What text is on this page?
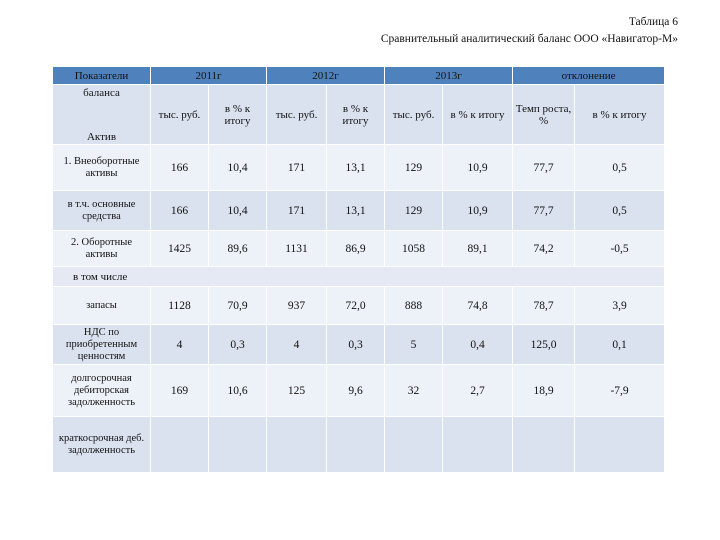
Таблица 6
Сравнительный аналитический баланс ООО «Навигатор-М»
Показатели	2011г		2012г		2013г		отклонение	

баланса
Актив	тыс. руб.	в % к итогу	тыс. руб.	в % к итогу	тыс. руб.	в % к итогу	Темп роста, %	в % к итогу
1. Внеоборотные активы	166	10,4	171	13,1	129	10,9	77,7	0,5
в т.ч. основные средства	166	10,4	171	13,1	129	10,9	77,7	0,5
2. Оборотные активы	1425	89,6	1131	86,9	1058	89,1	74,2	-0,5
в том числе								
запасы	1128	70,9	937	72,0	888	74,8	78,7	3,9
НДС по приобретенным ценностям	4	0,3	4	0,3	5	0,4	125,0	0,1
долгосрочная дебиторская задолженность	169	10,6	125	9,6	32	2,7	18,9	-7,9
краткосрочная деб. задолженность								
